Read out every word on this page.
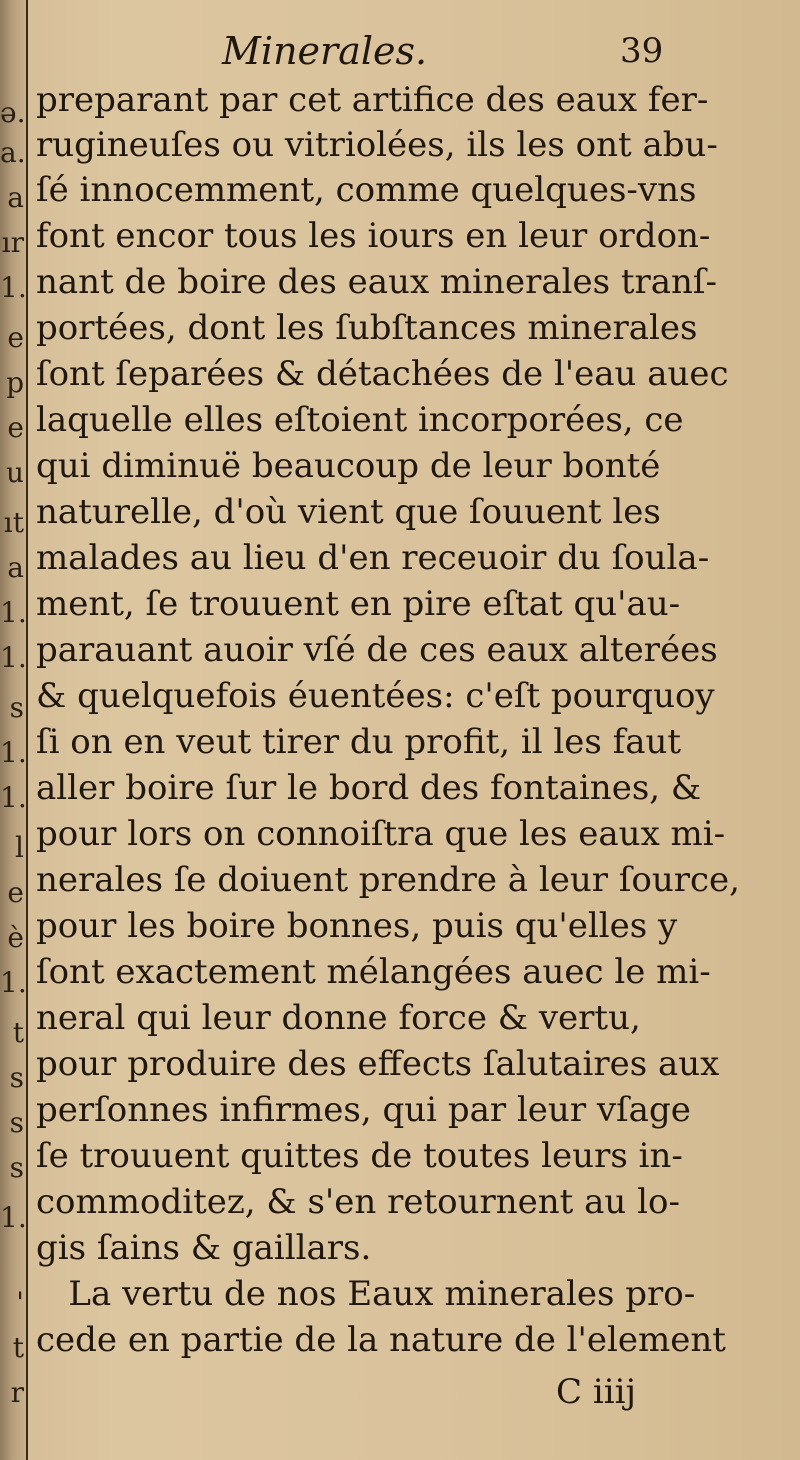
ə.
a.
a
ır
1.
e
p
e
u
ıt
a
1.
1.
s
1.
1.
l
e
è
1.
t
s
s
s
1.
'
t
r
Minerales.	39
preparant par cet artifice des eaux fer-
rugineuſes ou vitriolées, ils les ont abu-
ſé innocemment, comme quelques-vns
font encor tous les iours en leur ordon-
nant de boire des eaux minerales tranſ-
portées, dont les ſubſtances minerales
ſont ſeparées & détachées de l'eau auec
laquelle elles eſtoient incorporées, ce
qui diminuë beaucoup de leur bonté
naturelle, d'où vient que ſouuent les
malades au lieu d'en receuoir du ſoula-
ment, ſe trouuent en pire eſtat qu'au-
parauant auoir vſé de ces eaux alterées
& quelquefois éuentées: c'eſt pourquoy
ſi on en veut tirer du profit, il les faut
aller boire ſur le bord des fontaines, &
pour lors on connoiſtra que les eaux mi-
nerales ſe doiuent prendre à leur ſource,
pour les boire bonnes, puis qu'elles y
ſont exactement mélangées auec le mi-
neral qui leur donne force & vertu,
pour produire des effects ſalutaires aux
perſonnes infirmes, qui par leur vſage
ſe trouuent quittes de toutes leurs in-
commoditez, & s'en retournent au lo-
gis ſains & gaillars.
La vertu de nos Eaux minerales pro-
cede en partie de la nature de l'element
C iiij
